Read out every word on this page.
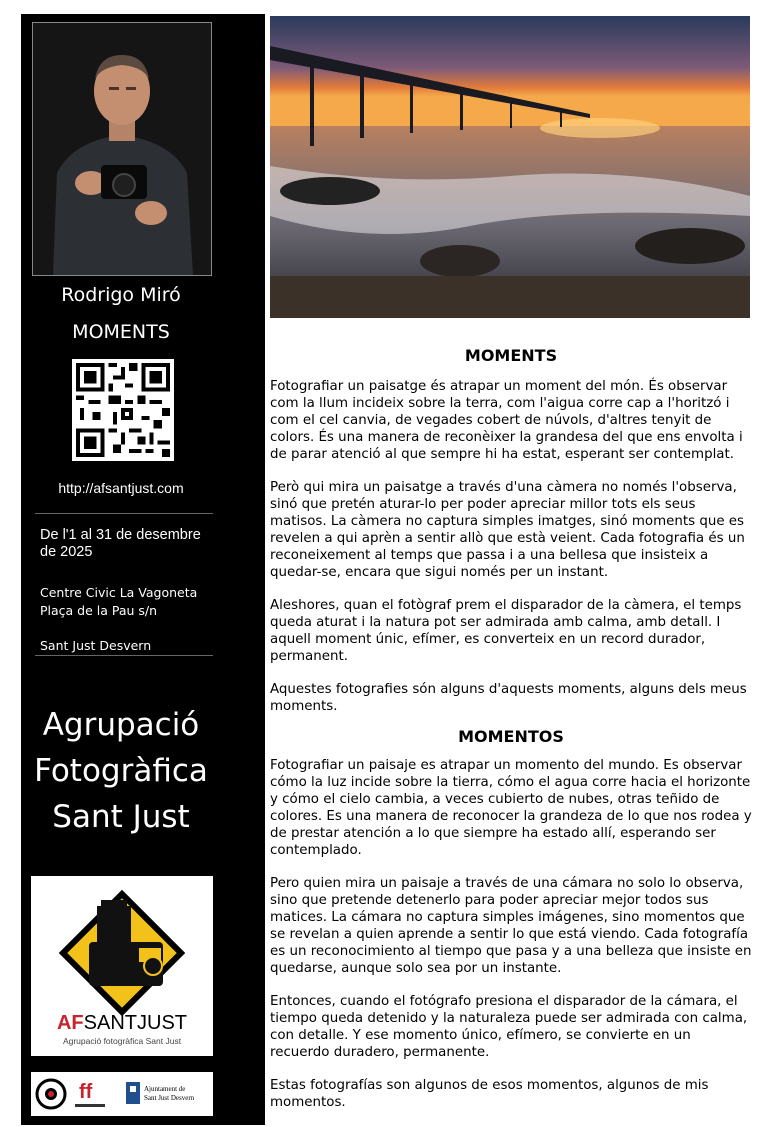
Rodrigo Miró
MOMENTS
http://afsantjust.com
De l'1 al 31 de desembre de 2025
Centre Civic La Vagoneta
Plaça de la Pau s/n
Sant Just Desvern
Agrupació
Fotogràfica
Sant Just
AFSANTJUST
Agrupació fotogràfica Sant Just
ff	Ajuntament de
Sant Just Desvern
MOMENTS

Fotografiar un paisatge és atrapar un moment del món. És observar com la llum incideix sobre la terra, com l'aigua corre cap a l'horitzó i com el cel canvia, de vegades cobert de núvols, d'altres tenyit de colors. És una manera de reconèixer la grandesa del que ens envolta i de parar atenció al que sempre hi ha estat, esperant ser contemplat.

Però qui mira un paisatge a través d'una càmera no només l'observa, sinó que pretén aturar-lo per poder apreciar millor tots els seus matisos. La càmera no captura simples imatges, sinó moments que es revelen a qui aprèn a sentir allò que està veient. Cada fotografia és un reconeixement al temps que passa i a una bellesa que insisteix a quedar-se, encara que sigui només per un instant.

Aleshores, quan el fotògraf prem el disparador de la càmera, el temps queda aturat i la natura pot ser admirada amb calma, amb detall. I aquell moment únic, efímer, es converteix en un record durador, permanent.

Aquestes fotografies són alguns d'aquests moments, alguns dels meus moments.

MOMENTOS

Fotografiar un paisaje es atrapar un momento del mundo. Es observar cómo la luz incide sobre la tierra, cómo el agua corre hacia el horizonte y cómo el cielo cambia, a veces cubierto de nubes, otras teñido de colores. Es una manera de reconocer la grandeza de lo que nos rodea y de prestar atención a lo que siempre ha estado allí, esperando ser contemplado.

Pero quien mira un paisaje a través de una cámara no solo lo observa, sino que pretende detenerlo para poder apreciar mejor todos sus matices. La cámara no captura simples imágenes, sino momentos que se revelan a quien aprende a sentir lo que está viendo. Cada fotografía es un reconocimiento al tiempo que pasa y a una belleza que insiste en quedarse, aunque solo sea por un instante.

Entonces, cuando el fotógrafo presiona el disparador de la cámara, el tiempo queda detenido y la naturaleza puede ser admirada con calma, con detalle. Y ese momento único, efímero, se convierte en un recuerdo duradero, permanente.

Estas fotografías son algunos de esos momentos, algunos de mis momentos.
